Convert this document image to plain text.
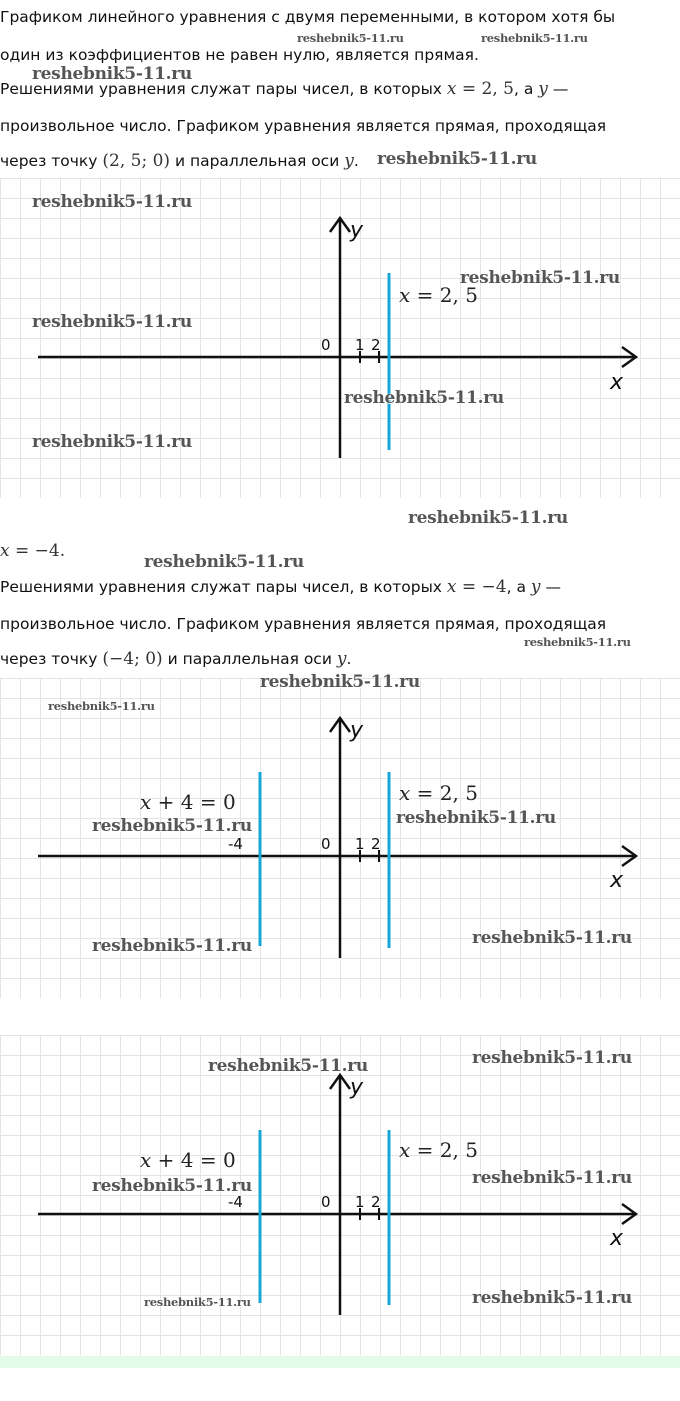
Графиком линейного уравнения с двумя переменными, в котором хотя бы

один из коэффициентов не равен нулю, является прямая.

Решениями уравнения служат пары чисел, в которых x = 2, 5, а y —

произвольное число. Графиком уравнения является прямая, проходящая

через точку (2, 5; 0) и параллельная оси y.

y
x
0 1 2
x = 2, 5

x = −4.

Решениями уравнения служат пары чисел, в которых x = −4, а y —

произвольное число. Графиком уравнения является прямая, проходящая

через точку (−4; 0) и параллельная оси y.

y
x
0 1 2
-4
x = 2, 5
x + 4 = 0
y
x
0 1 2
-4
x = 2, 5
x + 4 = 0
reshebnik5-11.ru	reshebnik5-11.ru
reshebnik5-11.ru
reshebnik5-11.ru
reshebnik5-11.ru
reshebnik5-11.ru
reshebnik5-11.ru
reshebnik5-11.ru
reshebnik5-11.ru
reshebnik5-11.ru
reshebnik5-11.ru
reshebnik5-11.ru
reshebnik5-11.ru
reshebnik5-11.ru
reshebnik5-11.ru	reshebnik5-11.ru
reshebnik5-11.ru
reshebnik5-11.ru
reshebnik5-11.ru
reshebnik5-11.ru
reshebnik5-11.ru
reshebnik5-11.ru
reshebnik5-11.ru
reshebnik5-11.ru
